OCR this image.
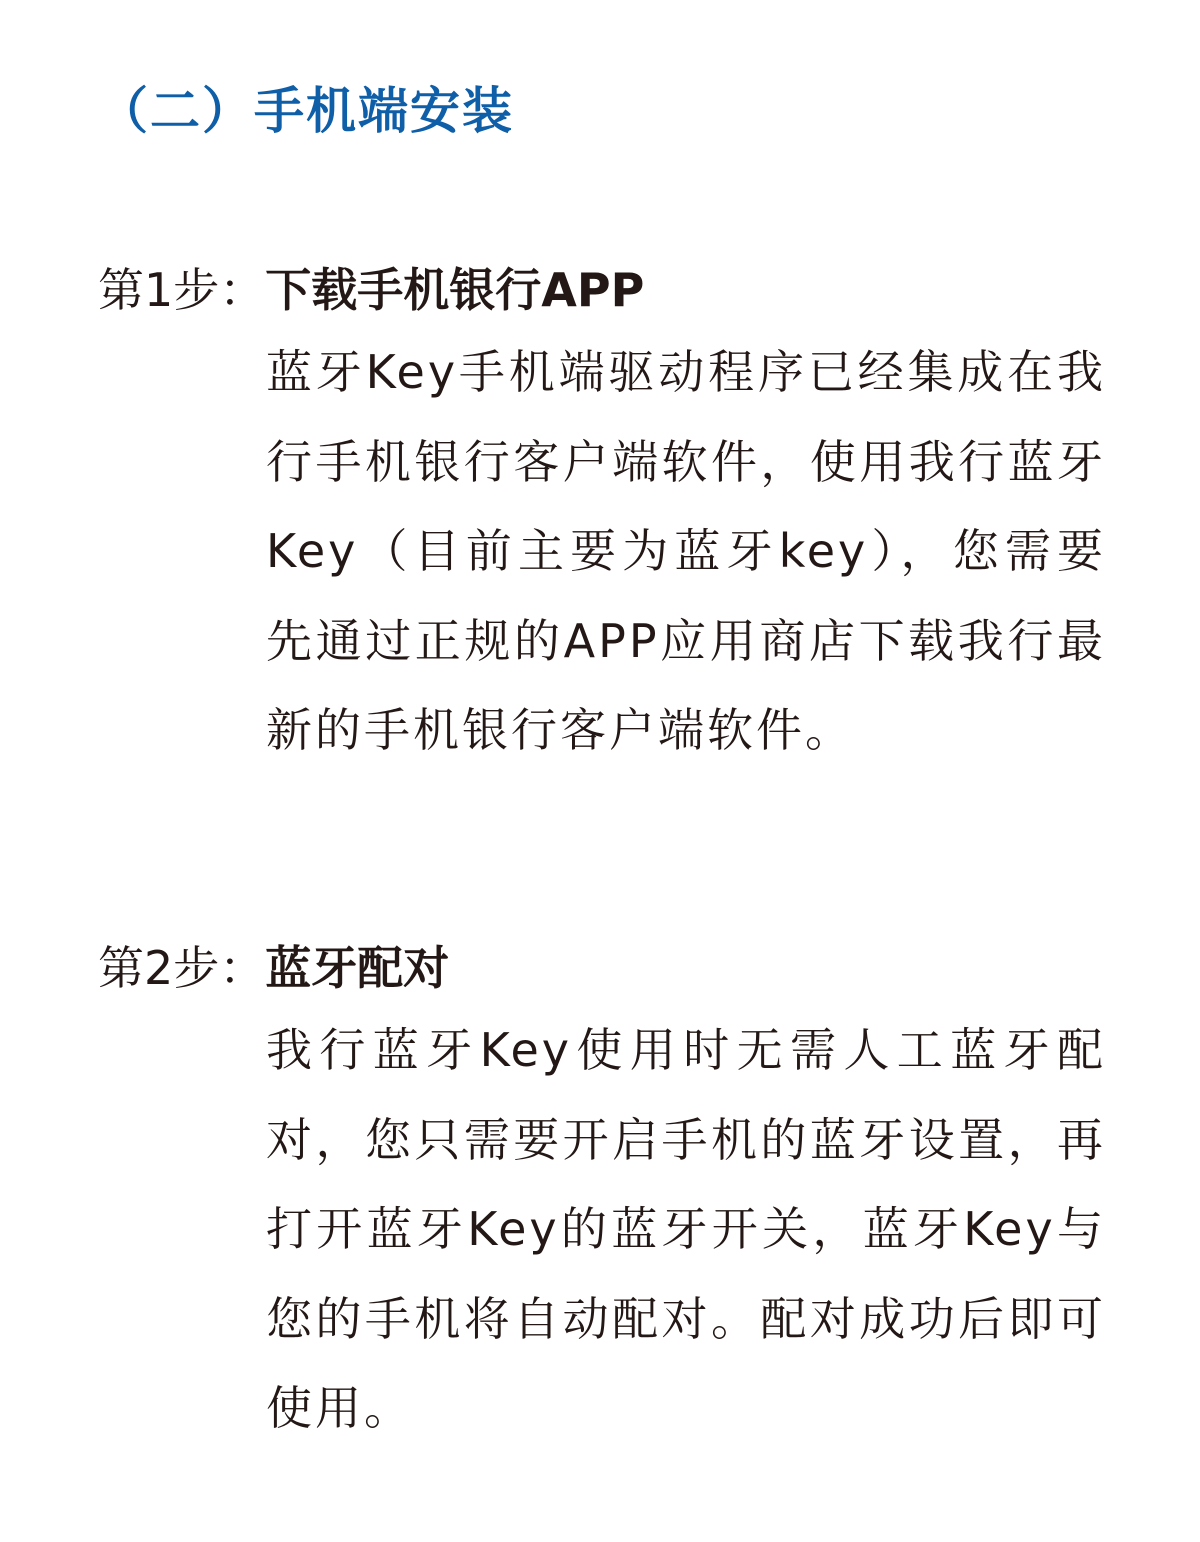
（二）手机端安装
第1步：下载手机银行APP
蓝牙Key手机端驱动程序已经集成在我行手机银行客户端软件，使用我行蓝牙Key（目前主要为蓝牙key），您需要先通过正规的APP应用商店下载我行最新的手机银行客户端软件。
第2步：蓝牙配对
我行蓝牙Key使用时无需人工蓝牙配对，您只需要开启手机的蓝牙设置，再打开蓝牙Key的蓝牙开关，蓝牙Key与您的手机将自动配对。配对成功后即可使用。
